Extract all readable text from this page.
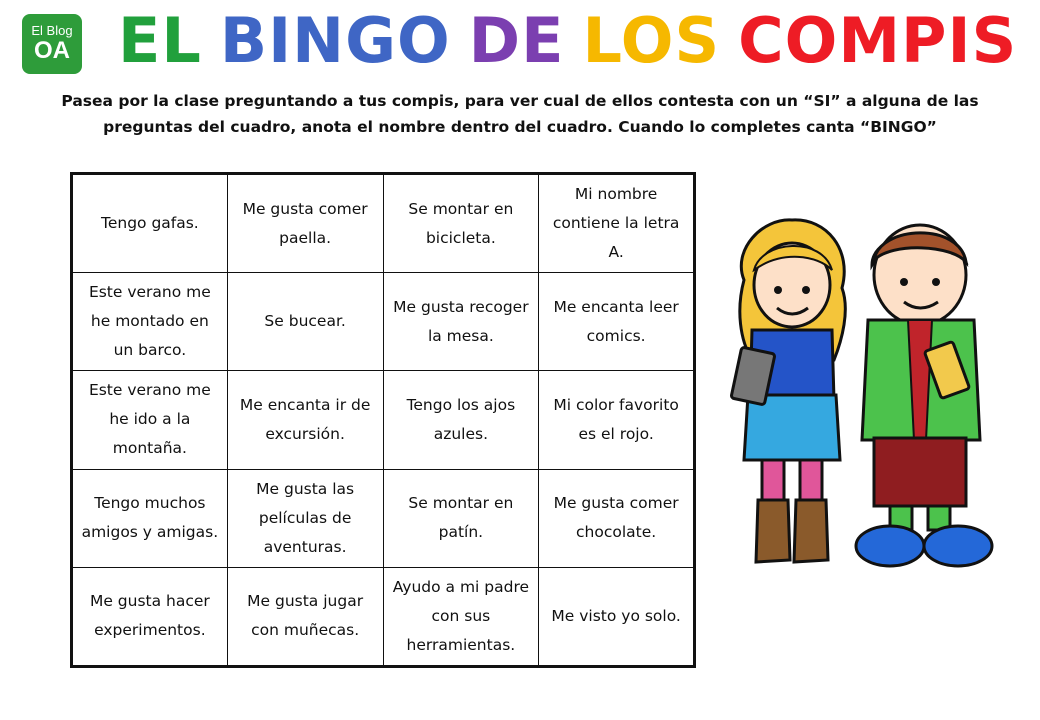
El Blog
OA EL BINGO DE LOS COMPIS

Pasea por la clase preguntando a tus compis, para ver cual de ellos contesta con un “SI” a alguna de las

preguntas del cuadro, anota el nombre dentro del cuadro. Cuando lo completes canta “BINGO”

Tengo gafas.	Me gusta comer paella.	Se montar en bicicleta.	Mi nombre contiene la letra A.
Este verano me he montado en un barco.	Se bucear.	Me gusta recoger la mesa.	Me encanta leer comics.
Este verano me he ido a la montaña.	Me encanta ir de excursión.	Tengo los ajos azules.	Mi color favorito es el rojo.
Tengo muchos amigos y amigas.	Me gusta las películas de aventuras.	Se montar en patín.	Me gusta comer chocolate.
Me gusta hacer experimentos.	Me gusta jugar con muñecas.	Ayudo a mi padre con sus herramientas.	Me visto yo solo.
